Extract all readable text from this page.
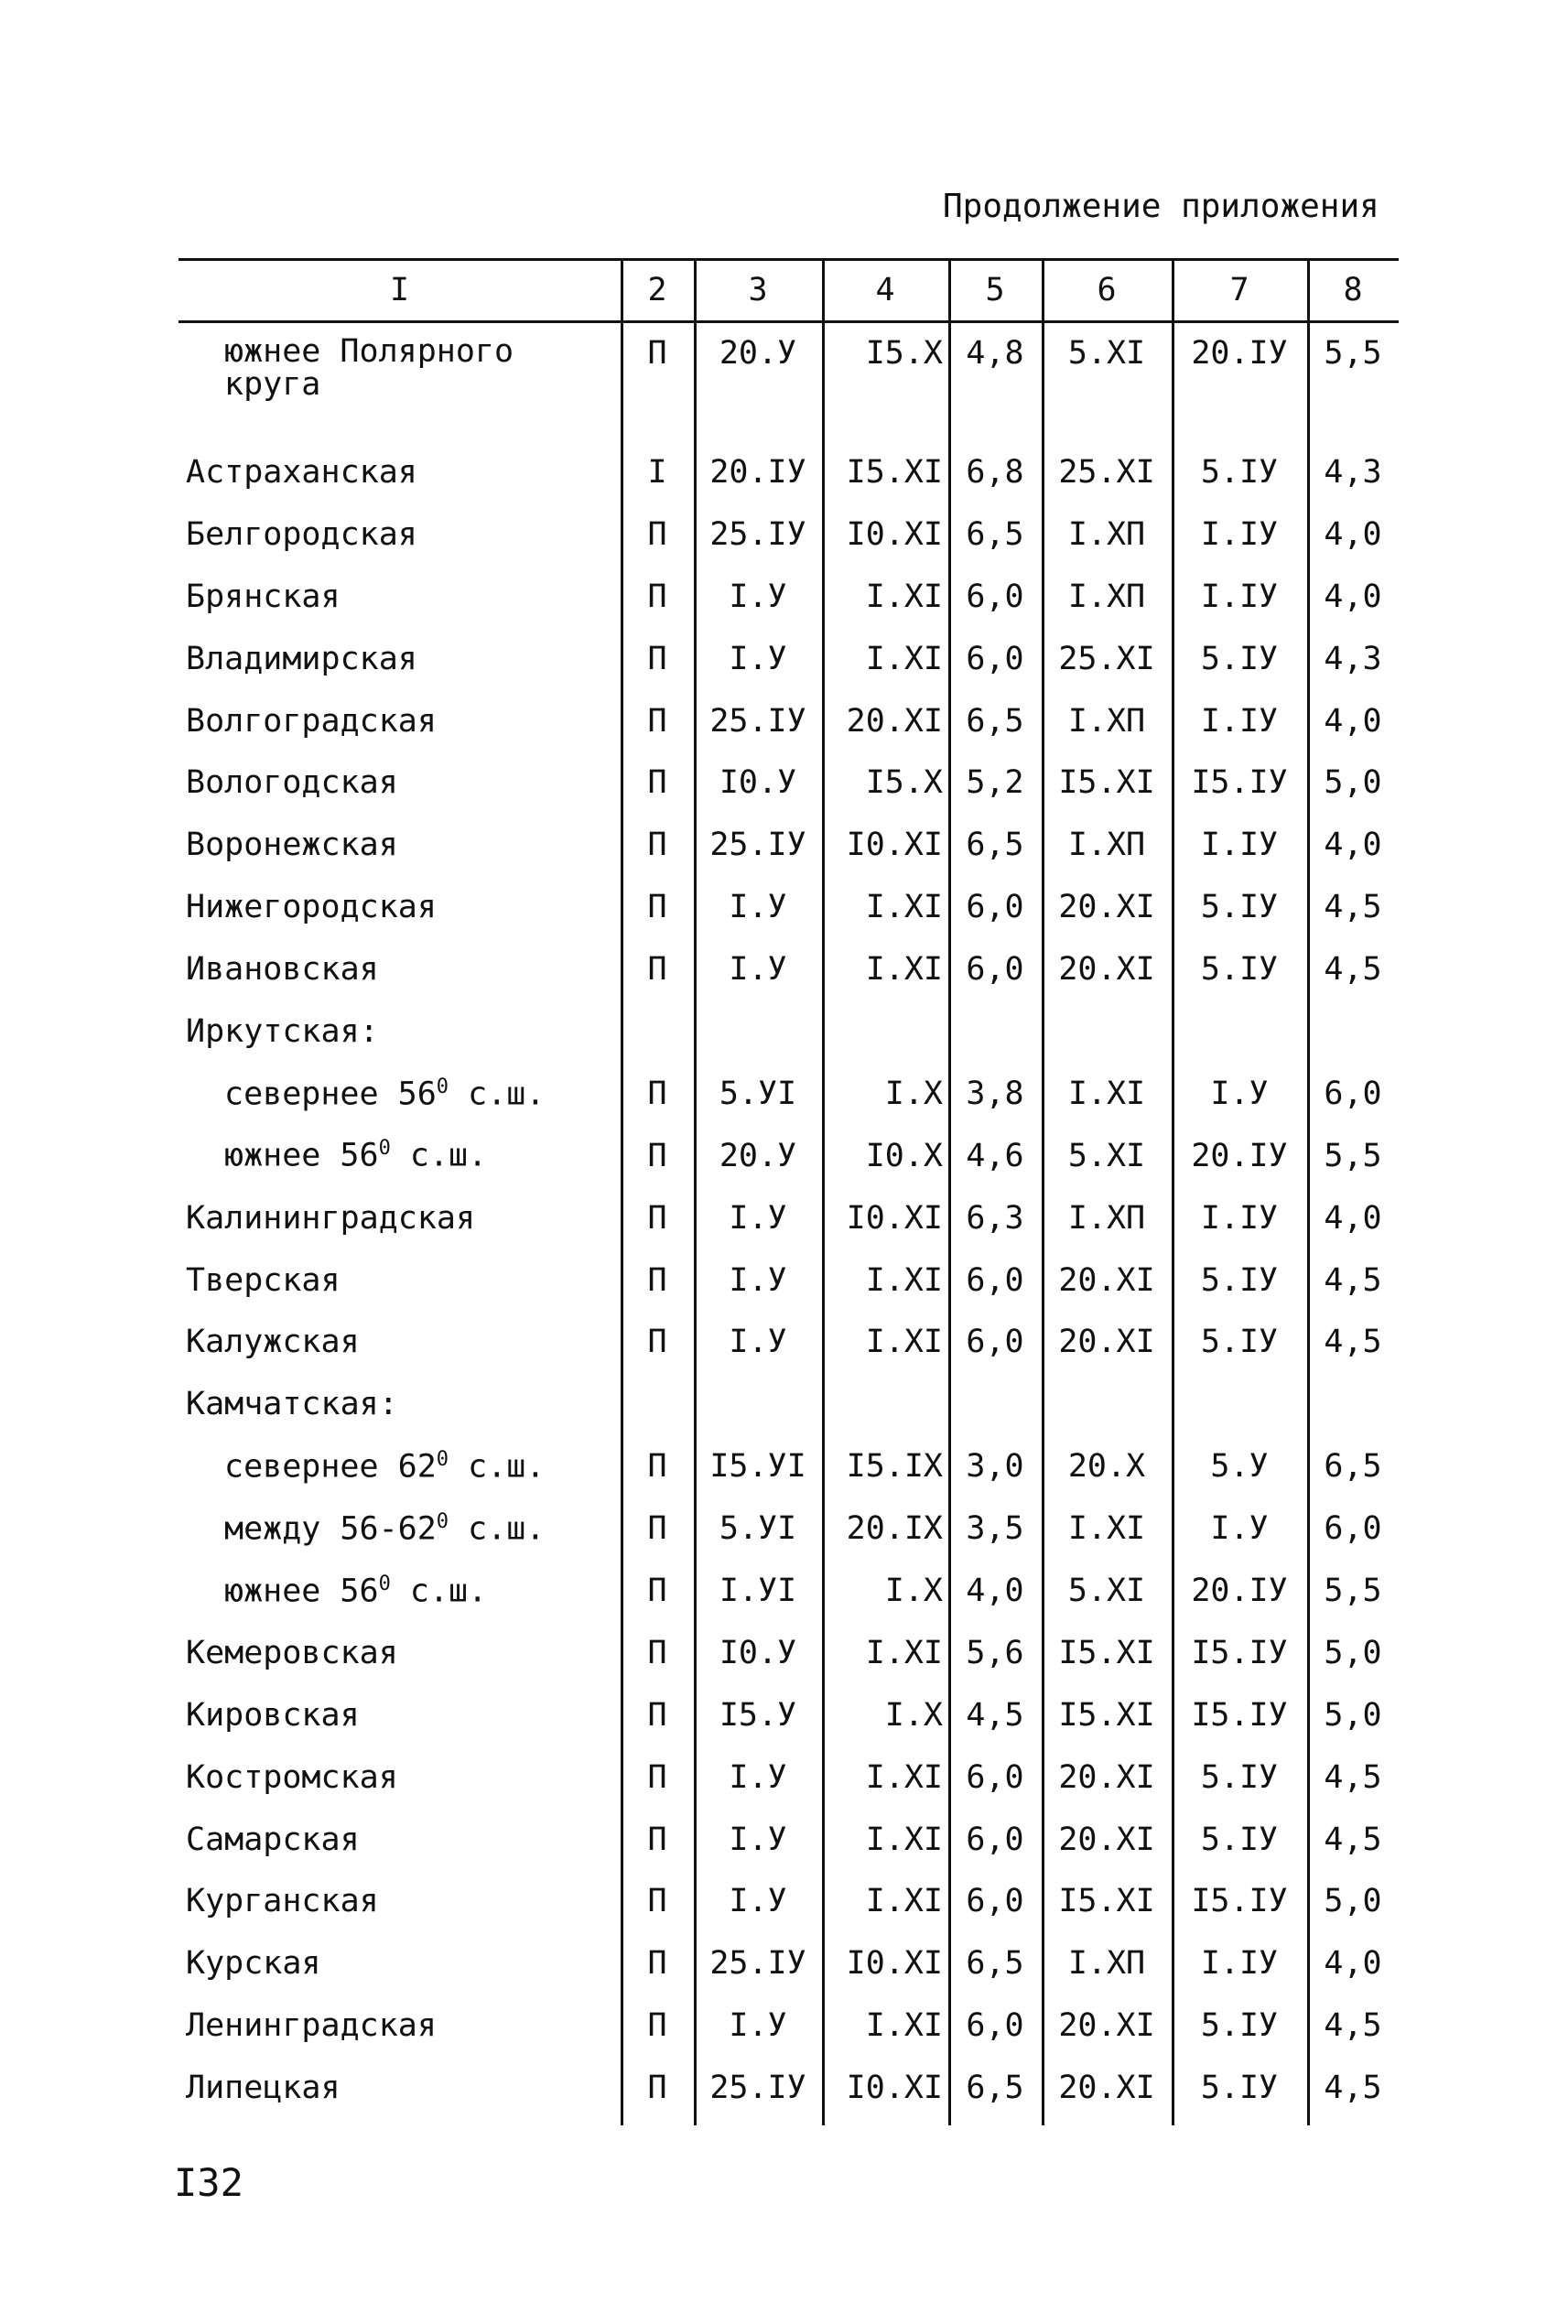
Продолжение приложения
I	2	3	4	5	6	7	8

южнее Полярного круга	П	20.У	I5.X	4,8	5.XI	20.IУ	5,5
Астраханская	I	20.IУ	I5.XI	6,8	25.XI	5.IУ	4,3
Белгородская	П	25.IУ	I0.XI	6,5	I.XП	I.IУ	4,0
Брянская	П	I.У	I.XI	6,0	I.XП	I.IУ	4,0
Владимирская	П	I.У	I.XI	6,0	25.XI	5.IУ	4,3
Волгоградская	П	25.IУ	20.XI	6,5	I.XП	I.IУ	4,0
Вологодская	П	I0.У	I5.X	5,2	I5.XI	I5.IУ	5,0
Воронежская	П	25.IУ	I0.XI	6,5	I.XП	I.IУ	4,0
Нижегородская	П	I.У	I.XI	6,0	20.XI	5.IУ	4,5
Ивановская	П	I.У	I.XI	6,0	20.XI	5.IУ	4,5
Иркутская:							
севернее $56^0$ с.ш.	П	5.УI	I.X	3,8	I.XI	I.У	6,0
южнее $56^0$ с.ш.	П	20.У	I0.X	4,6	5.XI	20.IУ	5,5
Калининградская	П	I.У	I0.XI	6,3	I.XП	I.IУ	4,0
Тверская	П	I.У	I.XI	6,0	20.XI	5.IУ	4,5
Калужская	П	I.У	I.XI	6,0	20.XI	5.IУ	4,5
Камчатская:							
севернее $62^0$ с.ш.	П	I5.УI	I5.IX	3,0	20.X	5.У	6,5
между $56-62^0$ с.ш.	П	5.УI	20.IX	3,5	I.XI	I.У	6,0
южнее $56^0$ с.ш.	П	I.УI	I.X	4,0	5.XI	20.IУ	5,5
Кемеровская	П	I0.У	I.XI	5,6	I5.XI	I5.IУ	5,0
Кировская	П	I5.У	I.X	4,5	I5.XI	I5.IУ	5,0
Костромская	П	I.У	I.XI	6,0	20.XI	5.IУ	4,5
Самарская	П	I.У	I.XI	6,0	20.XI	5.IУ	4,5
Курганская	П	I.У	I.XI	6,0	I5.XI	I5.IУ	5,0
Курская	П	25.IУ	I0.XI	6,5	I.XП	I.IУ	4,0
Ленинградская	П	I.У	I.XI	6,0	20.XI	5.IУ	4,5
Липецкая	П	25.IУ	I0.XI	6,5	20.XI	5.IУ	4,5
I32
